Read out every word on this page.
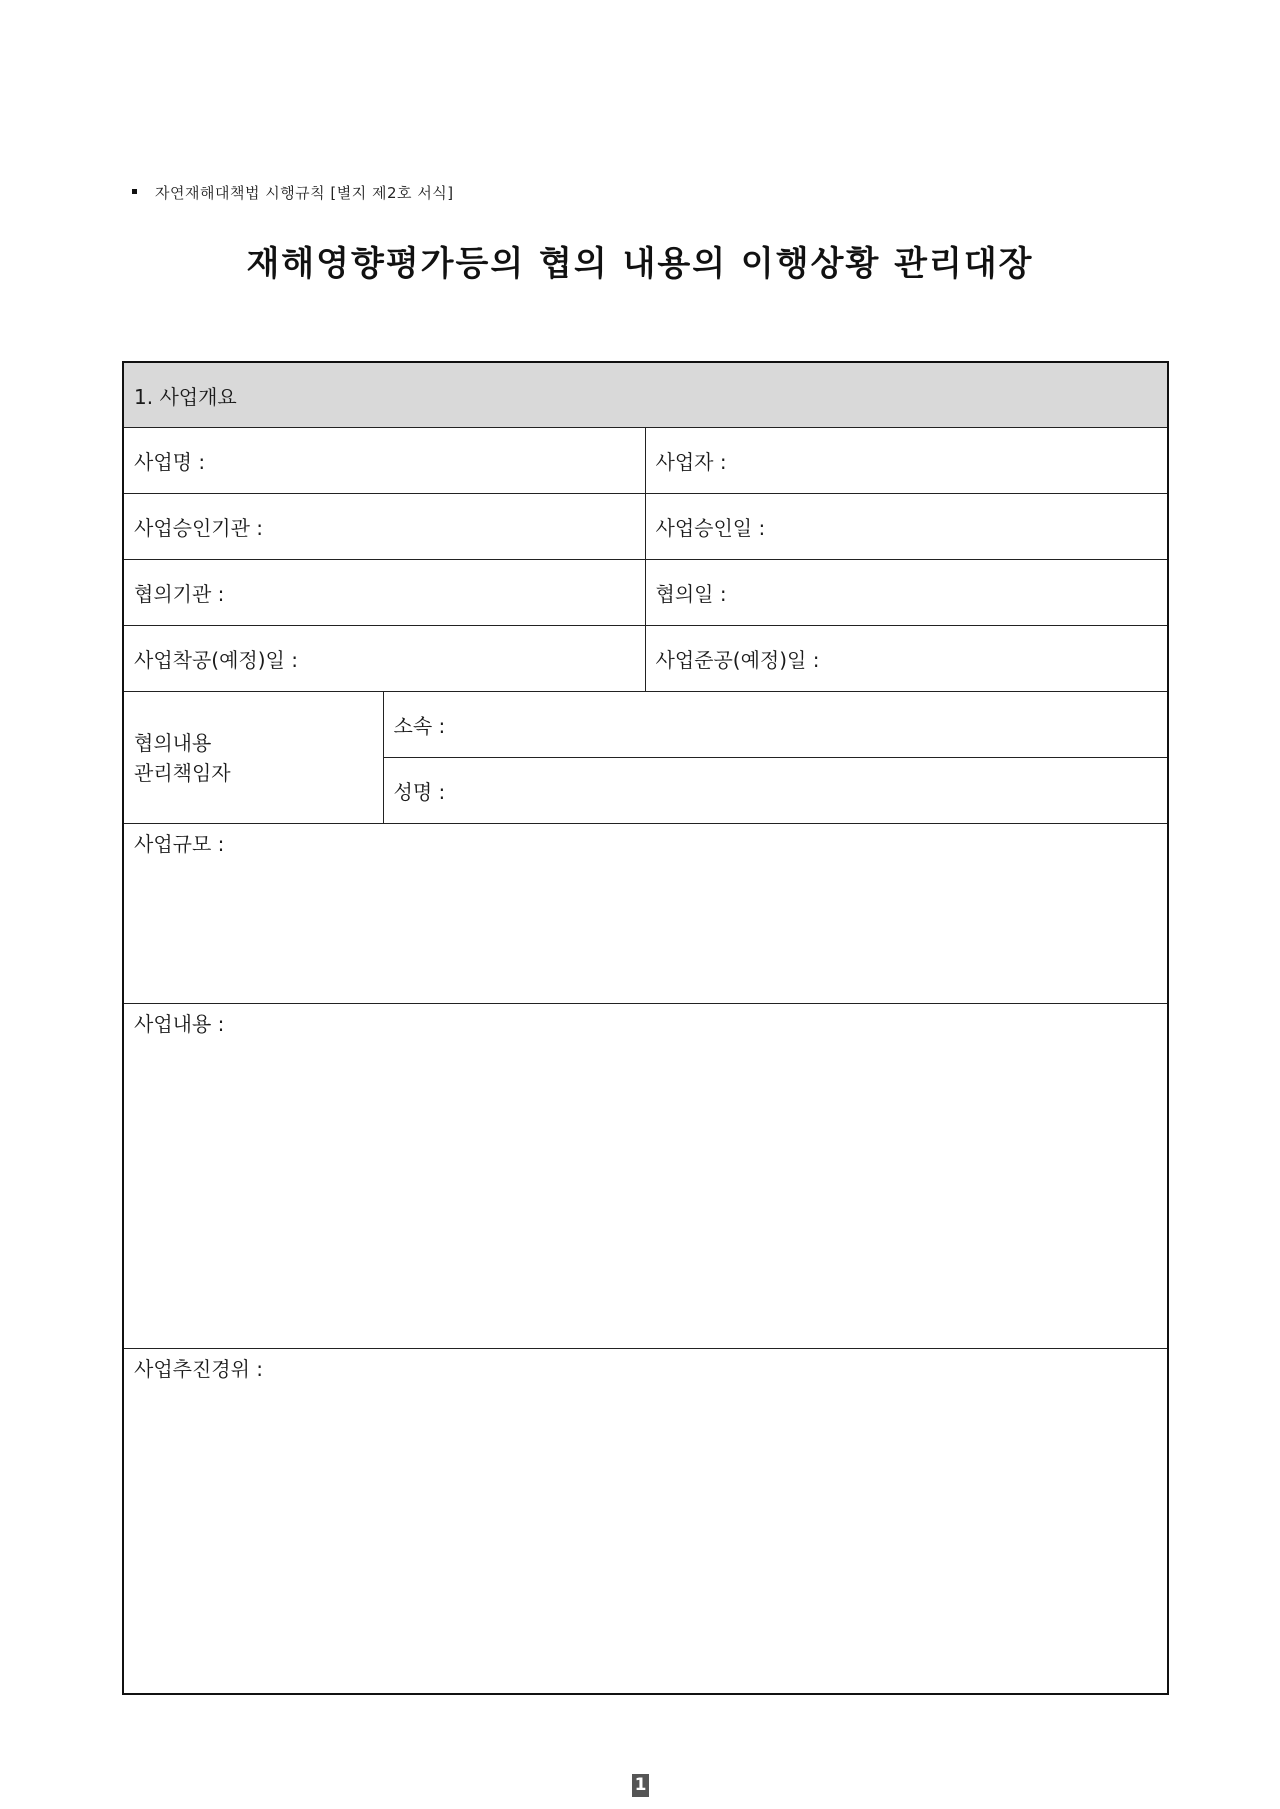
자연재해대책법 시행규칙 [별지 제2호 서식]
재해영향평가등의 협의 내용의 이행상황 관리대장
1. 사업개요		
사업명 :		사업자 :
사업승인기관 :		사업승인일 :
협의기관 :		협의일 :
사업착공(예정)일 :		사업준공(예정)일 :

협의내용
관리책임자	소속 :	
	성명 :	
사업규모 :		
사업내용 :		
사업추진경위 :		
1
